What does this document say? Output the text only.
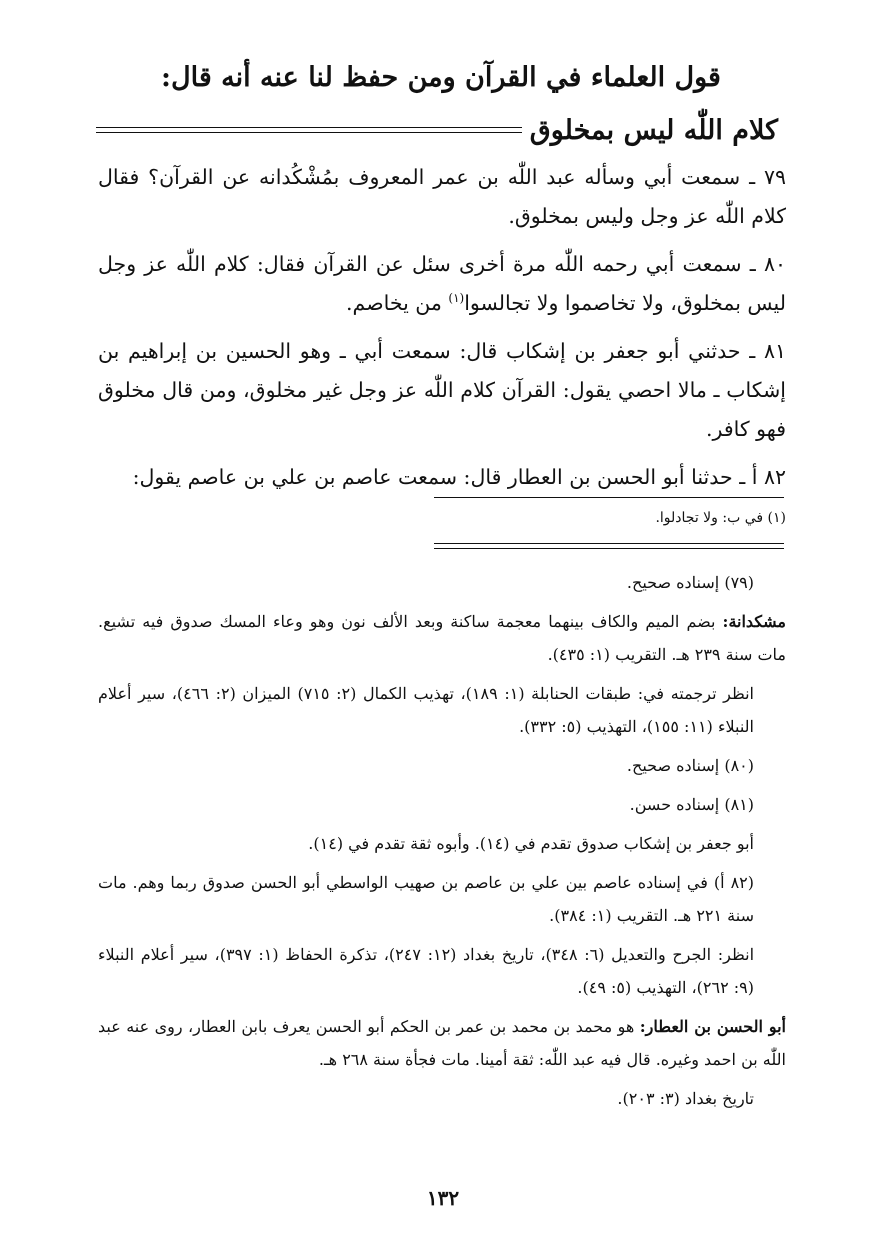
قول العلماء في القرآن ومن حفظ لنا عنه أنه قال:
كلام اللّٰه ليس بمخلوق

٧٩ ـ سمعت أبي وسأله عبد اللّٰه بن عمر المعروف بمُشْكُدانه عن القرآن؟ فقال كلام اللّٰه عز وجل وليس بمخلوق.

٨٠ ـ سمعت أبي رحمه اللّٰه مرة أخرى سئل عن القرآن فقال: كلام اللّٰه عز وجل ليس بمخلوق، ولا تخاصموا ولا تجالسوا$^{(١)}$ من يخاصم.

٨١ ـ حدثني أبو جعفر بن إشكاب قال: سمعت أبي ـ وهو الحسين بن إبراهيم بن إشكاب ـ مالا احصي يقول: القرآن كلام اللّٰه عز وجل غير مخلوق، ومن قال مخلوق فهو كافر.

٨٢ أ ـ حدثنا أبو الحسن بن العطار قال: سمعت عاصم بن علي بن عاصم يقول:

(١) في ب: ولا تجادلوا.

(٧٩) إسناده صحيح.

مشكدانة: بضم الميم والكاف بينهما معجمة ساكنة وبعد الألف نون وهو وعاء المسك صدوق فيه تشيع. مات سنة ٢٣٩ هـ. التقريب (١: ٤٣٥).

انظر ترجمته في: طبقات الحنابلة (١: ١٨٩)، تهذيب الكمال (٢: ٧١٥) الميزان (٢: ٤٦٦)، سير أعلام النبلاء (١١: ١٥٥)، التهذيب (٥: ٣٣٢).

(٨٠) إسناده صحيح.

(٨١) إسناده حسن.

أبو جعفر بن إشكاب صدوق تقدم في (١٤). وأبوه ثقة تقدم في (١٤).

(٨٢ أ) في إسناده عاصم بين علي بن عاصم بن صهيب الواسطي أبو الحسن صدوق ربما وهم. مات سنة ٢٢١ هـ. التقريب (١: ٣٨٤).

انظر: الجرح والتعديل (٦: ٣٤٨)، تاريخ بغداد (١٢: ٢٤٧)، تذكرة الحفاظ (١: ٣٩٧)، سير أعلام النبلاء (٩: ٢٦٢)، التهذيب (٥: ٤٩).

أبو الحسن بن العطار: هو محمد بن محمد بن عمر بن الحكم أبو الحسن يعرف بابن العطار، روى عنه عبد اللّٰه بن احمد وغيره. قال فيه عبد اللّٰه: ثقة أمينا. مات فجأة سنة ٢٦٨ هـ.

تاريخ بغداد (٣: ٢٠٣).

١٣٢
